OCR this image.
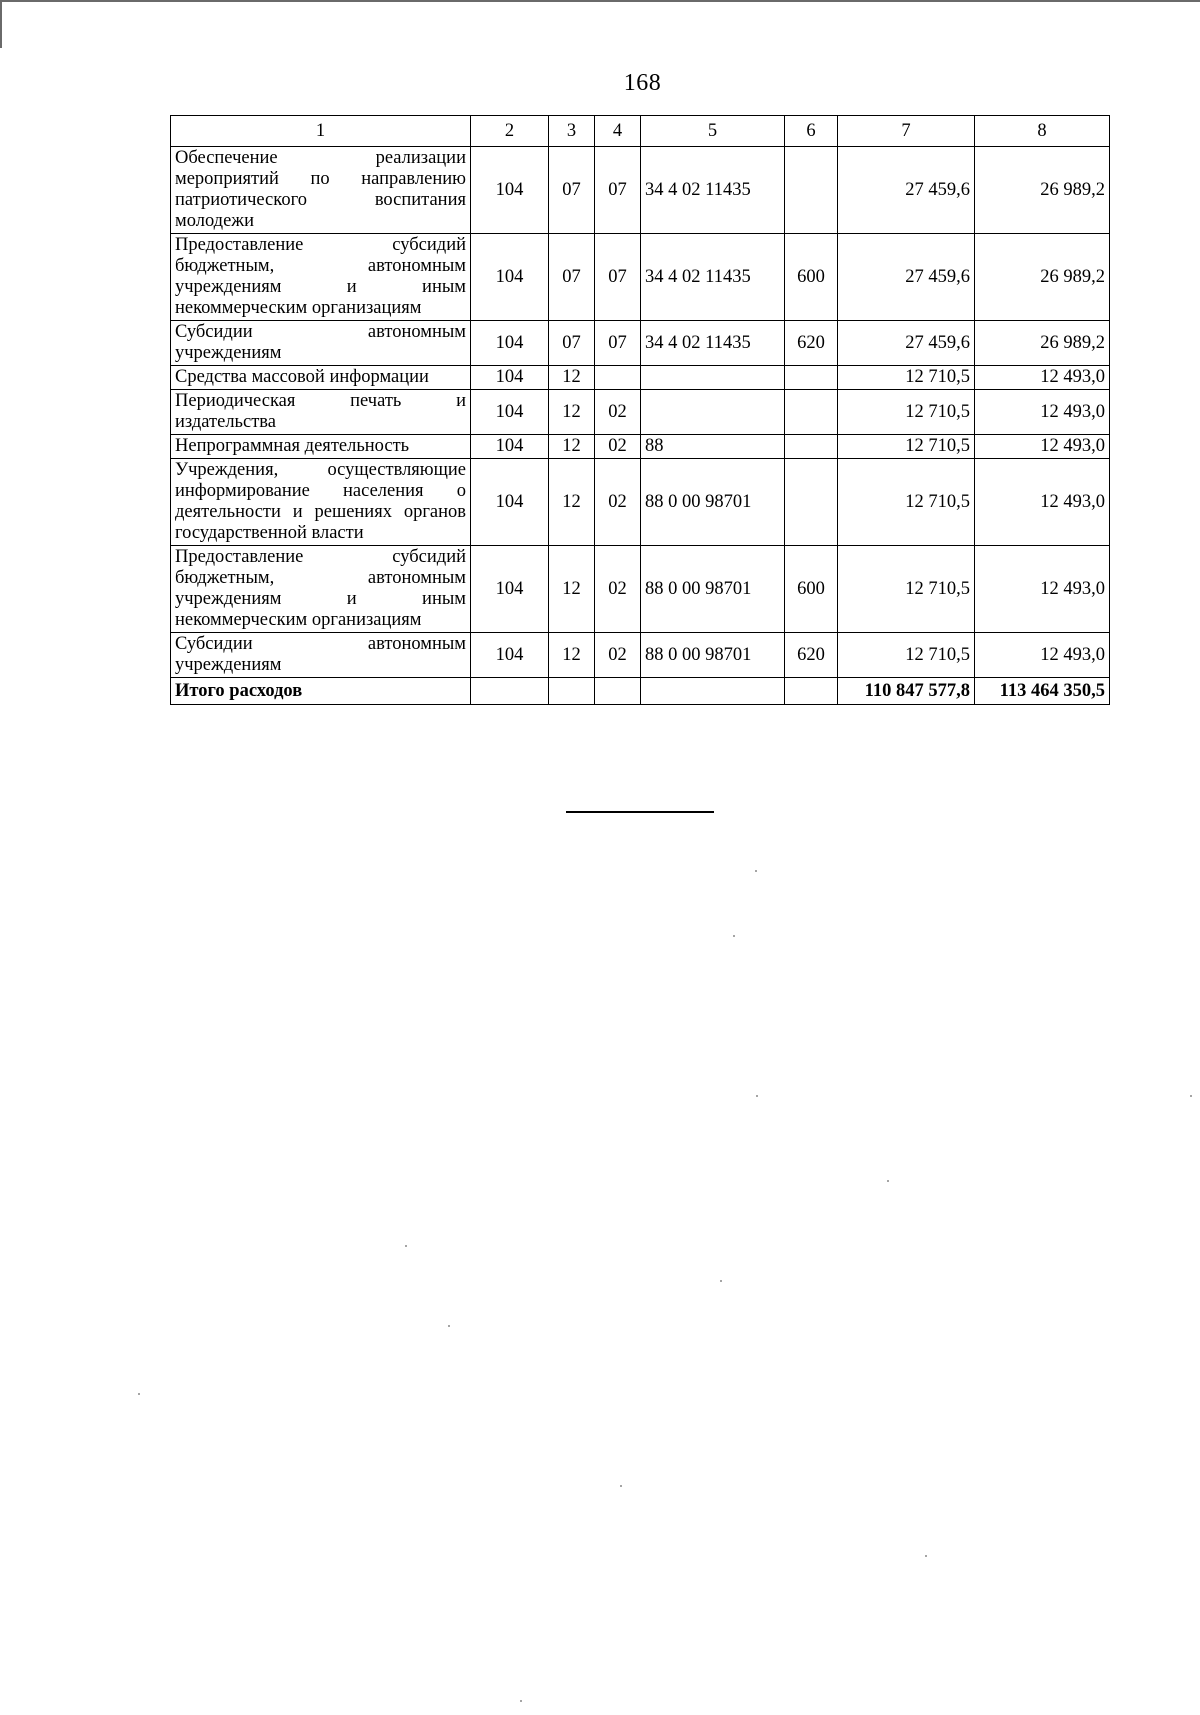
168
1	2	3	4	5	6	7	8
Обеспечение реализации мероприятий по направлению патриотического воспитания молодежи	104	07	07	34 4 02 11435		27 459,6	26 989,2
Предоставление субсидий бюджетным, автономным учреждениям и иным некоммерческим организациям	104	07	07	34 4 02 11435	600	27 459,6	26 989,2
Субсидии автономным учреждениям	104	07	07	34 4 02 11435	620	27 459,6	26 989,2
Средства массовой информации	104	12				12 710,5	12 493,0
Периодическая печать и издательства	104	12	02			12 710,5	12 493,0
Непрограммная деятельность	104	12	02	88		12 710,5	12 493,0
Учреждения, осуществляющие информирование населения о деятельности и решениях органов государственной власти	104	12	02	88 0 00 98701		12 710,5	12 493,0
Предоставление субсидий бюджетным, автономным учреждениям и иным некоммерческим организациям	104	12	02	88 0 00 98701	600	12 710,5	12 493,0
Субсидии автономным учреждениям	104	12	02	88 0 00 98701	620	12 710,5	12 493,0
Итого расходов						110 847 577,8	113 464 350,5
